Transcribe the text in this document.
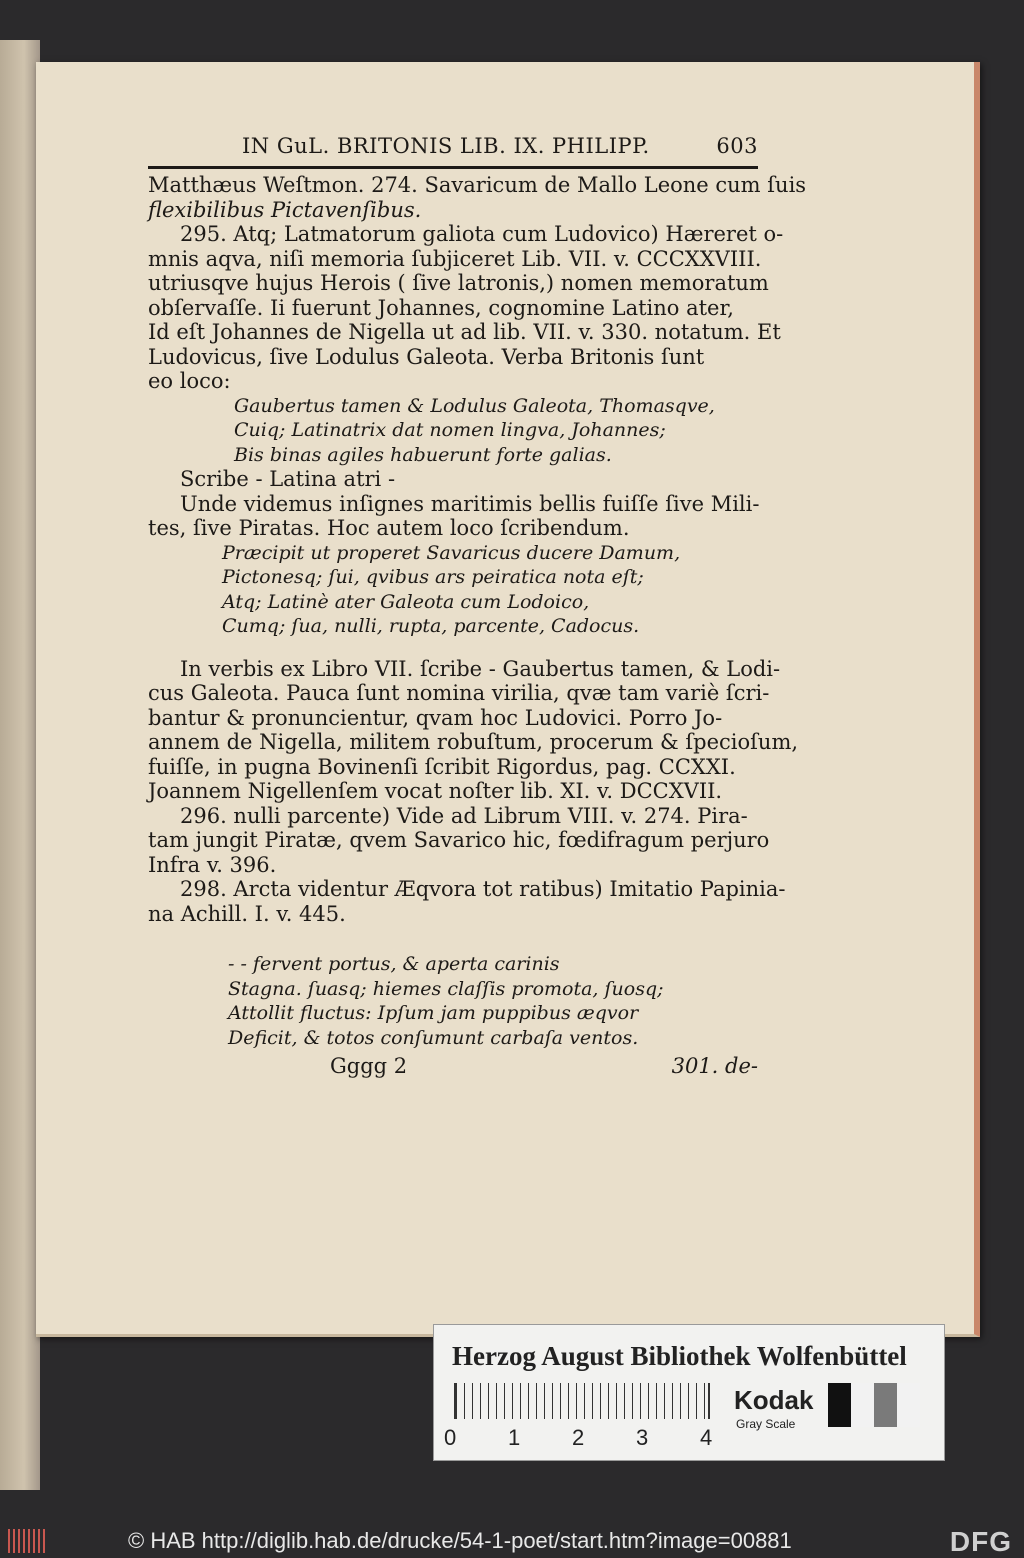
IN GuL. BRITONIS LIB. IX. PHILIPP.	603
Matthæus Weſtmon. 274. Savaricum de Mallo Leone cum ſuis
flexibilibus Pictavenſibus.
295. Atq; Latmatorum galiota cum Ludovico) Hæreret o-
mnis aqva, niſi memoria ſubjiceret Lib. VII. v. CCCXXVIII.
utriusqve hujus Herois ( ſive latronis,) nomen memoratum
obſervaſſe. Ii fuerunt Johannes, cognomine Latino ater,
Id eſt Johannes de Nigella ut ad lib. VII. v. 330. notatum. Et
Ludovicus, ſive Lodulus Galeota. Verba Britonis ſunt
eo loco:
Gaubertus tamen & Lodulus Galeota, Thomasqve,
Cuiq; Latinatrix dat nomen lingva, Johannes;
Bis binas agiles habuerunt forte galias.
Scribe - Latina atri -
Unde videmus inſignes maritimis bellis fuiſſe ſive Mili-
tes, ſive Piratas. Hoc autem loco ſcribendum.
Præcipit ut properet Savaricus ducere Damum,
Pictonesq; ſui, qvibus ars peiratica nota eſt;
Atq; Latinè ater Galeota cum Lodoico,
Cumq; ſua, nulli, rupta, parcente, Cadocus.
In verbis ex Libro VII. ſcribe - Gaubertus tamen, & Lodi-
cus Galeota. Pauca ſunt nomina virilia, qvæ tam variè ſcri-
bantur & pronuncientur, qvam hoc Ludovici. Porro Jo-
annem de Nigella, militem robuſtum, procerum & ſpecioſum,
fuiſſe, in pugna Bovinenſi ſcribit Rigordus, pag. CCXXI.
Joannem Nigellenſem vocat noſter lib. XI. v. DCCXVII.
296. nulli parcente) Vide ad Librum VIII. v. 274. Pira-
tam jungit Piratæ, qvem Savarico hic, fœdifragum perjuro
Infra v. 396.
298. Arcta videntur Æqvora tot ratibus) Imitatio Papinia-
na Achill. I. v. 445.
- - fervent portus, & aperta carinis
Stagna. ſuasq; hiemes claſſis promota, ſuosq;
Attollit fluctus: Ipſum jam puppibus æqvor
Deficit, & totos conſumunt carbaſa ventos.
Gggg 2	301. de-
Herzog August Bibliothek Wolfenbüttel
0 1 2 3 4
Kodak
Gray Scale
© HAB http://diglib.hab.de/drucke/54-1-poet/start.htm?image=00881	DFG
